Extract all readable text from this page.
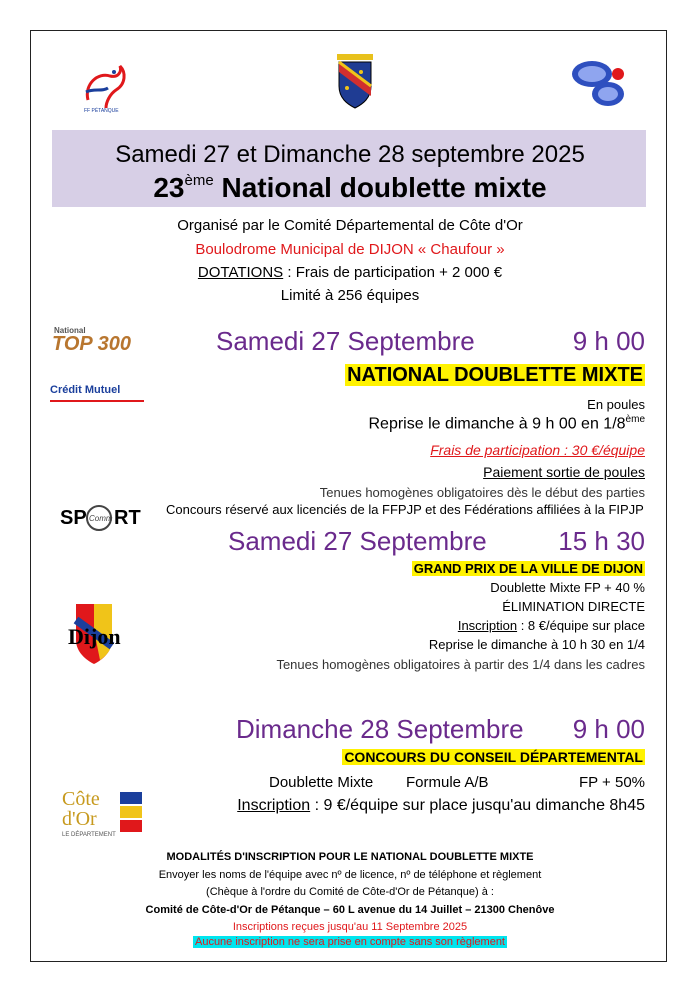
FF PÉTANQUE
Samedi 27 et Dimanche 28 septembre 2025
23ème National doublette mixte
Organisé par le Comité Départemental de Côte d'Or
Boulodrome Municipal de DIJON « Chaufour »
DOTATIONS : Frais de participation + 2 000 €
Limité à 256 équipes
National
TOP 300
Crédit Mutuel
SP Comm RT
Dijon
Côte
d'Or
LE DÉPARTEMENT
Samedi 27 Septembre	9 h 00
NATIONAL DOUBLETTE MIXTE
En poules
Reprise le dimanche à 9 h 00 en 1/8ème
Frais de participation : 30 €/équipe
Paiement sortie de poules
Tenues homogènes obligatoires dès le début des parties
Concours réservé aux licenciés de la FFPJP et des Fédérations affiliées à la FIPJP
Samedi 27 Septembre	15 h 30
GRAND PRIX DE LA VILLE DE DIJON
Doublette Mixte FP + 40 %
ÉLIMINATION DIRECTE
Inscription : 8 €/équipe sur place
Reprise le dimanche à 10 h 30 en 1/4
Tenues homogènes obligatoires à partir des 1/4 dans les cadres
Dimanche 28 Septembre 9 h 00
CONCOURS DU CONSEIL DÉPARTEMENTAL
Doublette Mixte Formule A/B	FP + 50%
Inscription : 9 €/équipe sur place jusqu'au dimanche 8h45
MODALITÉS D'INSCRIPTION POUR LE NATIONAL DOUBLETTE MIXTE
Envoyer les noms de l'équipe avec nº de licence, nº de téléphone et règlement
(Chèque à l'ordre du Comité de Côte-d'Or de Pétanque) à :
Comité de Côte-d'Or de Pétanque – 60 L avenue du 14 Juillet – 21300 Chenôve
Inscriptions reçues jusqu'au 11 Septembre 2025
Aucune inscription ne sera prise en compte sans son règlement
